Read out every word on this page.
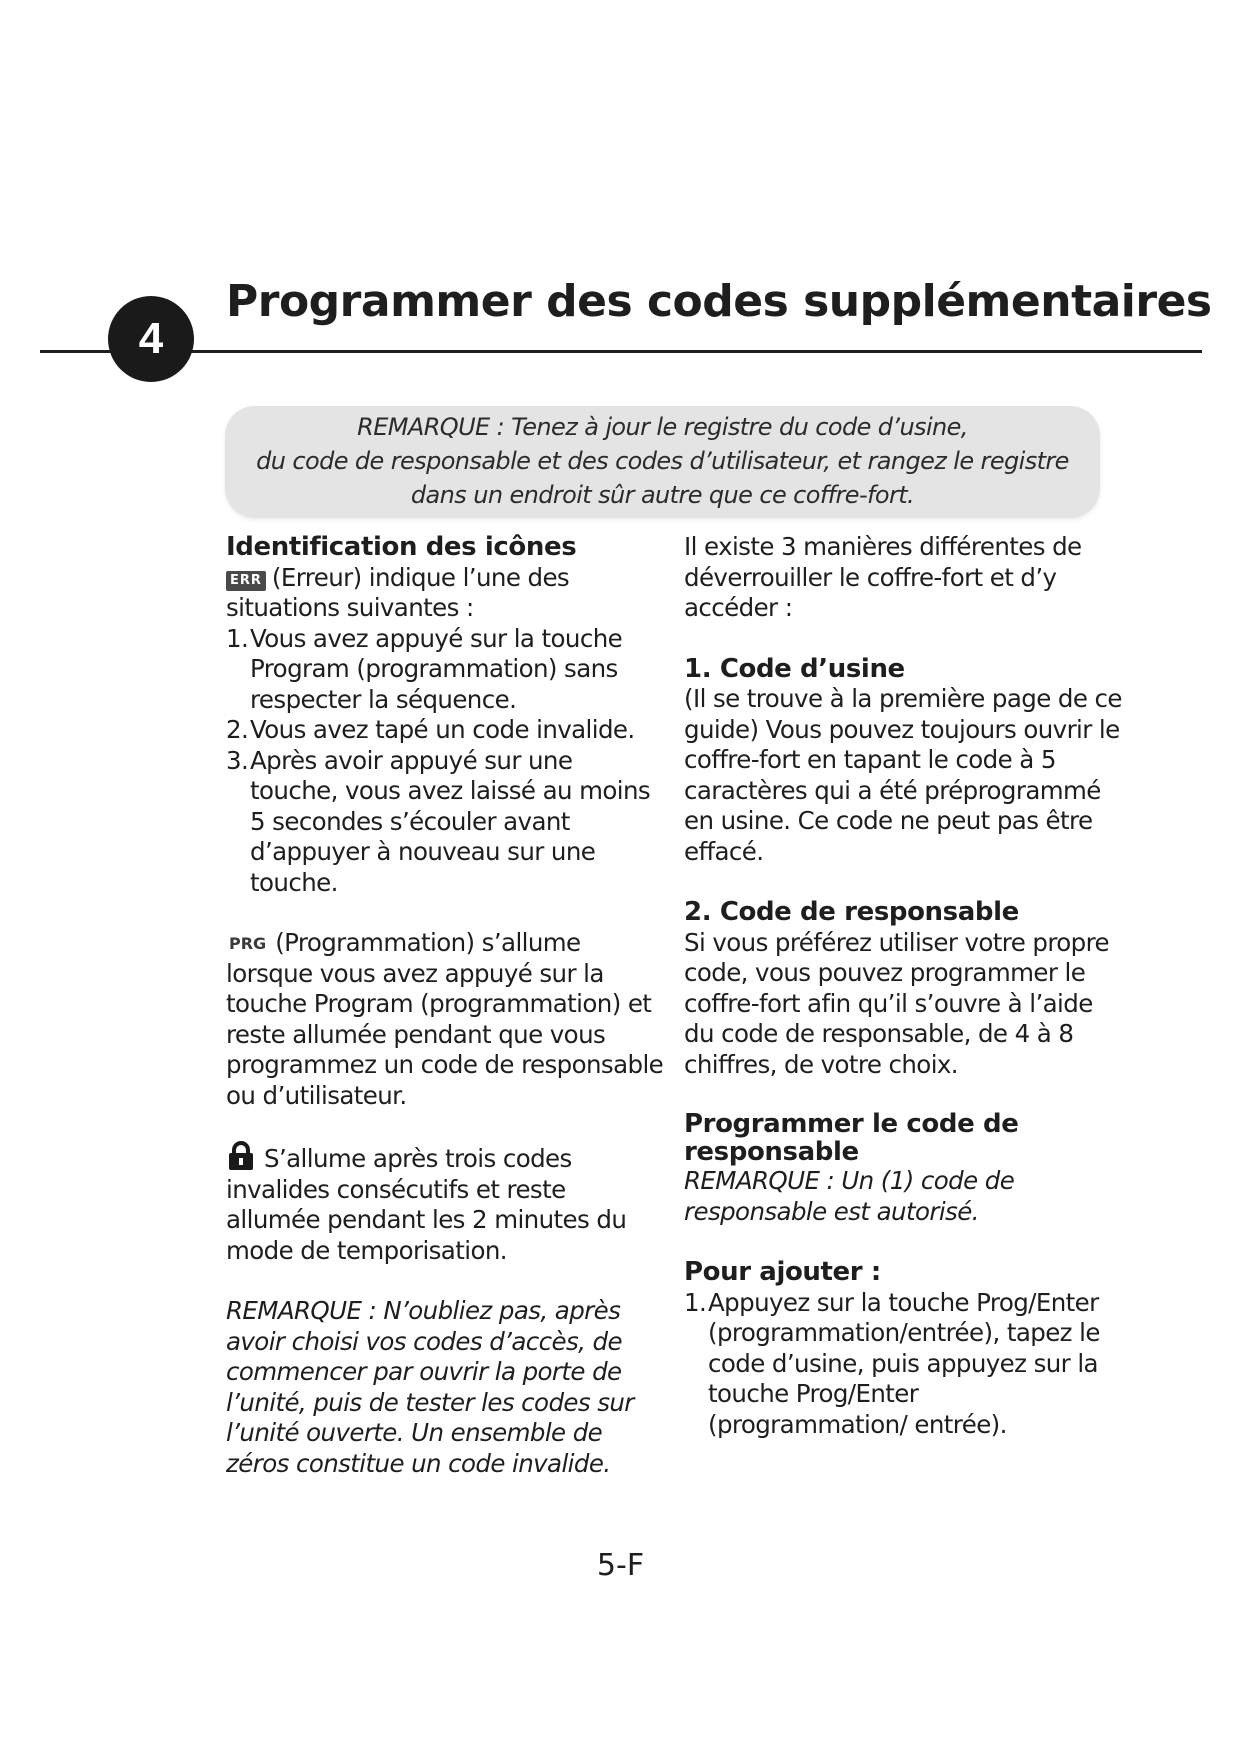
4
Programmer des codes supplémentaires

REMARQUE : Tenez à jour le registre du code d’usine,

du code de responsable et des codes d’utilisateur, et rangez le registre

dans un endroit sûr autre que ce coffre-fort.

Identification des icônes

ERR (Erreur) indique l’une des situations suivantes :

1. Vous avez appuyé sur la touche Program (programmation) sans respecter la séquence.
2. Vous avez tapé un code invalide.
3. Après avoir appuyé sur une touche, vous avez laissé au moins 5 secondes s’écouler avant d’appuyer à nouveau sur une touche.

PRG (Programmation) s’allume lorsque vous avez appuyé sur la touche Program (programmation) et reste allumée pendant que vous programmez un code de responsable ou d’utilisateur.

S’allume après trois codes invalides consécutifs et reste allumée pendant les 2 minutes du mode de temporisation.

REMARQUE : N’oubliez pas, après avoir choisi vos codes d’accès, de commencer par ouvrir la porte de l’unité, puis de tester les codes sur l’unité ouverte. Un ensemble de zéros constitue un code invalide.

Il existe 3 manières différentes de déverrouiller le coffre-fort et d’y accéder :

1. Code d’usine

(Il se trouve à la première page de ce guide) Vous pouvez toujours ouvrir le coffre-fort en tapant le code à 5 caractères qui a été préprogrammé en usine. Ce code ne peut pas être effacé.

2. Code de responsable

Si vous préférez utiliser votre propre code, vous pouvez programmer le coffre-fort afin qu’il s’ouvre à l’aide du code de responsable, de 4 à 8 chiffres, de votre choix.

Programmer le code de responsable

REMARQUE : Un (1) code de responsable est autorisé.

Pour ajouter :
1. Appuyez sur la touche Prog/Enter (programmation/entrée), tapez le code d’usine, puis appuyez sur la touche Prog/Enter (programmation/ entrée).
5-F
